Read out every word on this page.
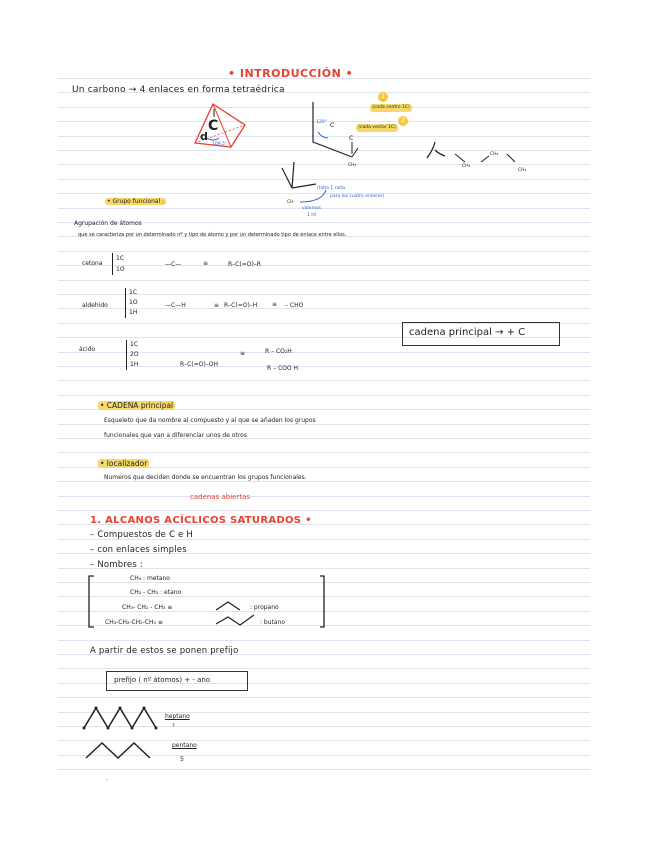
• INTRODUCCIÓN •
Un carbono → 4 enlaces en forma tetraédrica
C
d
109,5°
120° C
C
CH₃
1
(cada centro 1C)
2
(cada vector 1C)
CH₃
CH₂
CH₃
CH
(falta 1 raíta
para los cuatro enlaces)
valemos
1 H)
• Grupo funcional :
Agrupación de átomos
que se caracteriza por un determinado nº y tipo de átomo y por un determinado tipo de enlace entre ellos.
cetona
1C
1O
—C—	≡	R–C(=O)–R
aldehido
1C
1O
1H
—C—H	≡ R–C(=O)–H ≡ – CHO
ácido
1C
2O
1H	R–C(=O)–OH
≡	R – CO₂H
R – COO H
cadena principal → + C
• CADENA principal
Esqueleto que da nombre al compuesto y al que se añaden los grupos
funcionales que van a diferenciar unos de otros
• localizador
Numeros que deciden donde se encuentran los grupos funcionales.
cadenas abiertas
1. ALCANOS ACÍCLICOS SATURADOS •
– Compuestos de C e H
– con enlaces simples
– Nombres :
CH₄ : metano
CH₃ - CH₃ : etano
CH₃- CH₂ - CH₃ ≡	: propano
CH₃-CH₂-CH₂-CH₃ ≡	: butano
A partir de estos se ponen prefijo
prefijo ( nº átomos) + - ano
heptano
7
pentano
5
-
